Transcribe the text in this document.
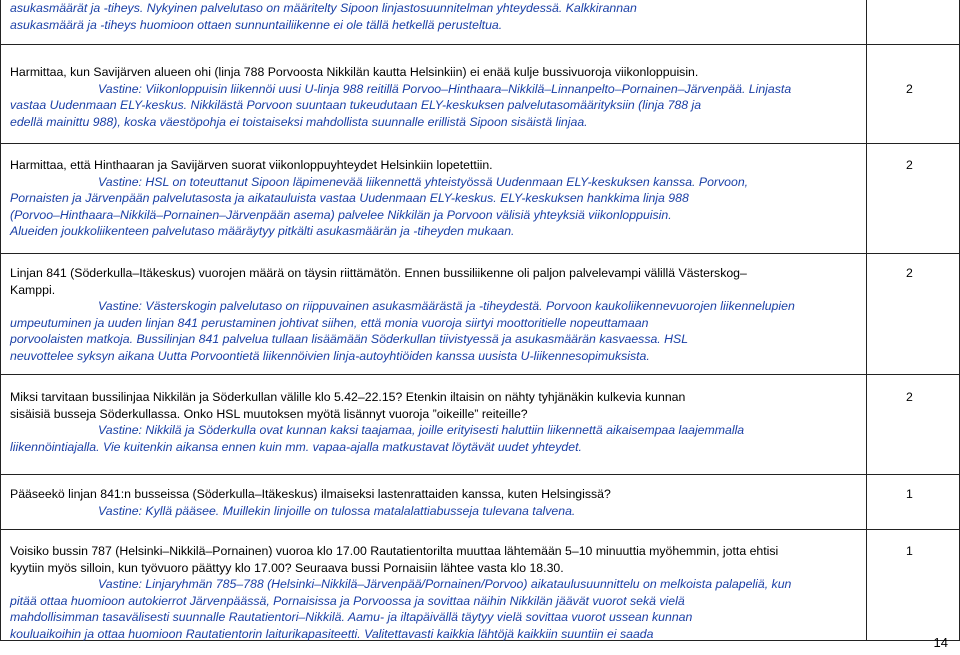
asukasmäärät ja -tiheys. Nykyinen palvelutaso on määritelty Sipoon linjastosuunnitelman yhteydessä. Kalkkirannan

asukasmäärä ja -tiheys huomioon ottaen sunnuntailiikenne ei ole tällä hetkellä perusteltua.

Harmittaa, kun Savijärven alueen ohi (linja 788 Porvoosta Nikkilän kautta Helsinkiin) ei enää kulje bussivuoroja viikonloppuisin.

Vastine: Viikonloppuisin liikennöi uusi U-linja 988 reitillä Porvoo–Hinthaara–Nikkilä–Linnanpelto–Pornainen–Järvenpää. Linjasta

vastaa Uudenmaan ELY-keskus. Nikkilästä Porvoon suuntaan tukeudutaan ELY-keskuksen palvelutasomäärityksiin (linja 788 ja

edellä mainittu 988), koska väestöpohja ei toistaiseksi mahdollista suunnalle erillistä Sipoon sisäistä linjaa.

2

Harmittaa, että Hinthaaran ja Savijärven suorat viikonloppuyhteydet Helsinkiin lopetettiin.

Vastine: HSL on toteuttanut Sipoon läpimenevää liikennettä yhteistyössä Uudenmaan ELY-keskuksen kanssa. Porvoon,

Pornaisten ja Järvenpään palvelutasosta ja aikatauluista vastaa Uudenmaan ELY-keskus. ELY-keskuksen hankkima linja 988

(Porvoo–Hinthaara–Nikkilä–Pornainen–Järvenpään asema) palvelee Nikkilän ja Porvoon välisiä yhteyksiä viikonloppuisin.

Alueiden joukkoliikenteen palvelutaso määräytyy pitkälti asukasmäärän ja -tiheyden mukaan.

2

Linjan 841 (Söderkulla–Itäkeskus) vuorojen määrä on täysin riittämätön. Ennen bussiliikenne oli paljon palvelevampi välillä Västerskog–

Kamppi.

Vastine: Västerskogin palvelutaso on riippuvainen asukasmäärästä ja -tiheydestä. Porvoon kaukoliikennevuorojen liikennelupien

umpeutuminen ja uuden linjan 841 perustaminen johtivat siihen, että monia vuoroja siirtyi moottoritielle nopeuttamaan

porvoolaisten matkoja. Bussilinjan 841 palvelua tullaan lisäämään Söderkullan tiivistyessä ja asukasmäärän kasvaessa. HSL

neuvottelee syksyn aikana Uutta Porvoontietä liikennöivien linja-autoyhtiöiden kanssa uusista U-liikennesopimuksista.

2

Miksi tarvitaan bussilinjaa Nikkilän ja Söderkullan välille klo 5.42–22.15? Etenkin iltaisin on nähty tyhjänäkin kulkevia kunnan

sisäisiä busseja Söderkullassa. Onko HSL muutoksen myötä lisännyt vuoroja ”oikeille” reiteille?

Vastine: Nikkilä ja Söderkulla ovat kunnan kaksi taajamaa, joille erityisesti haluttiin liikennettä aikaisempaa laajemmalla

liikennöintiajalla. Vie kuitenkin aikansa ennen kuin mm. vapaa-ajalla matkustavat löytävät uudet yhteydet.

2

Pääseekö linjan 841:n busseissa (Söderkulla–Itäkeskus) ilmaiseksi lastenrattaiden kanssa, kuten Helsingissä?

Vastine: Kyllä pääsee. Muillekin linjoille on tulossa matalalattiabusseja tulevana talvena.

1

Voisiko bussin 787 (Helsinki–Nikkilä–Pornainen) vuoroa klo 17.00 Rautatientorilta muuttaa lähtemään 5–10 minuuttia myöhemmin, jotta ehtisi

kyytiin myös silloin, kun työvuoro päättyy klo 17.00? Seuraava bussi Pornaisiin lähtee vasta klo 18.30.

Vastine: Linjaryhmän 785–788 (Helsinki–Nikkilä–Järvenpää/Pornainen/Porvoo) aikataulusuunnittelu on melkoista palapeliä, kun

pitää ottaa huomioon autokierrot Järvenpäässä, Pornaisissa ja Porvoossa ja sovittaa näihin Nikkilän jäävät vuorot sekä vielä

mahdollisimman tasavälisesti suunnalle Rautatientori–Nikkilä. Aamu- ja iltapäivällä täytyy vielä sovittaa vuorot ussean kunnan

kouluaikoihin ja ottaa huomioon Rautatientorin laiturikapasiteetti. Valitettavasti kaikkia lähtöjä kaikkiin suuntiin ei saada

1
14
